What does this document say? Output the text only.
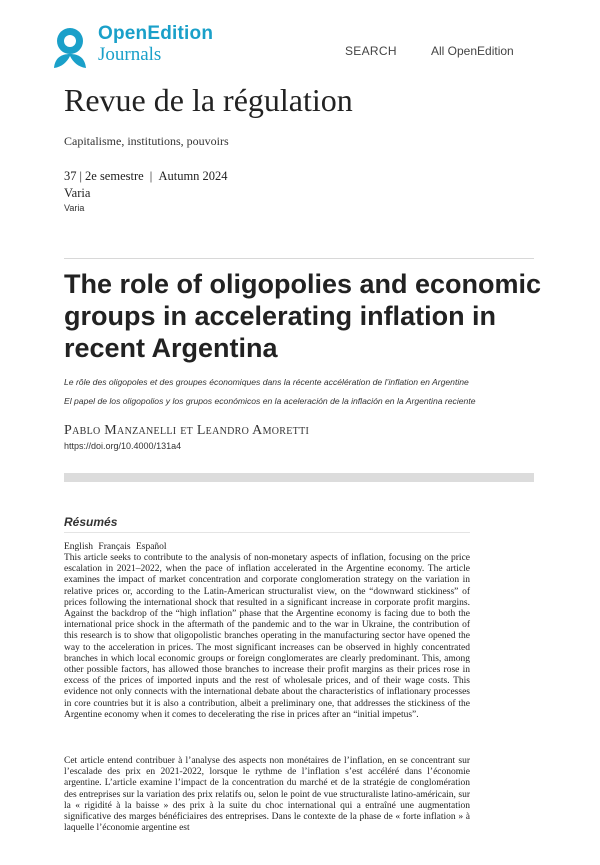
OpenEdition
Journals	SEARCH	All OpenEdition
Revue de la régulation
Capitalisme, institutions, pouvoirs
37 | 2e semestre | Autumn 2024
Varia
Varia
The role of oligopolies and economic groups in accelerating inflation in recent Argentina
Le rôle des oligopoles et des groupes économiques dans la récente accélération de l’inflation en Argentine
El papel de los oligopolios y los grupos económicos en la aceleración de la inflación en la Argentina reciente
Pablo Manzanelli et Leandro Amoretti
https://doi.org/10.4000/131a4
Résumés
English Français Español

This article seeks to contribute to the analysis of non-monetary aspects of inflation, focusing on the price escalation in 2021–2022, when the pace of inflation accelerated in the Argentine economy. The article examines the impact of market concentration and corporate conglomeration strategy on the variation in relative prices or, according to the Latin-American structuralist view, on the “downward stickiness” of prices following the international shock that resulted in a significant increase in corporate profit margins. Against the backdrop of the “high inflation” phase that the Argentine economy is facing due to both the international price shock in the aftermath of the pandemic and to the war in Ukraine, the contribution of this research is to show that oligopolistic branches operating in the manufacturing sector have opened the way to the acceleration in prices. The most significant increases can be observed in highly concentrated branches in which local economic groups or foreign conglomerates are clearly predominant. This, among other possible factors, has allowed those branches to increase their profit margins as their prices rose in excess of the prices of imported inputs and the rest of wholesale prices, and of their wage costs. This evidence not only connects with the international debate about the characteristics of inflationary processes in core countries but it is also a contribution, albeit a preliminary one, that addresses the stickiness of the Argentine economy when it comes to decelerating the rise in prices after an “initial impetus”.

Cet article entend contribuer à l’analyse des aspects non monétaires de l’inflation, en se concentrant sur l’escalade des prix en 2021-2022, lorsque le rythme de l’inflation s’est accéléré dans l’économie argentine. L’article examine l’impact de la concentration du marché et de la stratégie de conglomération des entreprises sur la variation des prix relatifs ou, selon le point de vue structuraliste latino-américain, sur la « rigidité à la baisse » des prix à la suite du choc international qui a entraîné une augmentation significative des marges bénéficiaires des entreprises. Dans le contexte de la phase de « forte inflation » à laquelle l’économie argentine est
